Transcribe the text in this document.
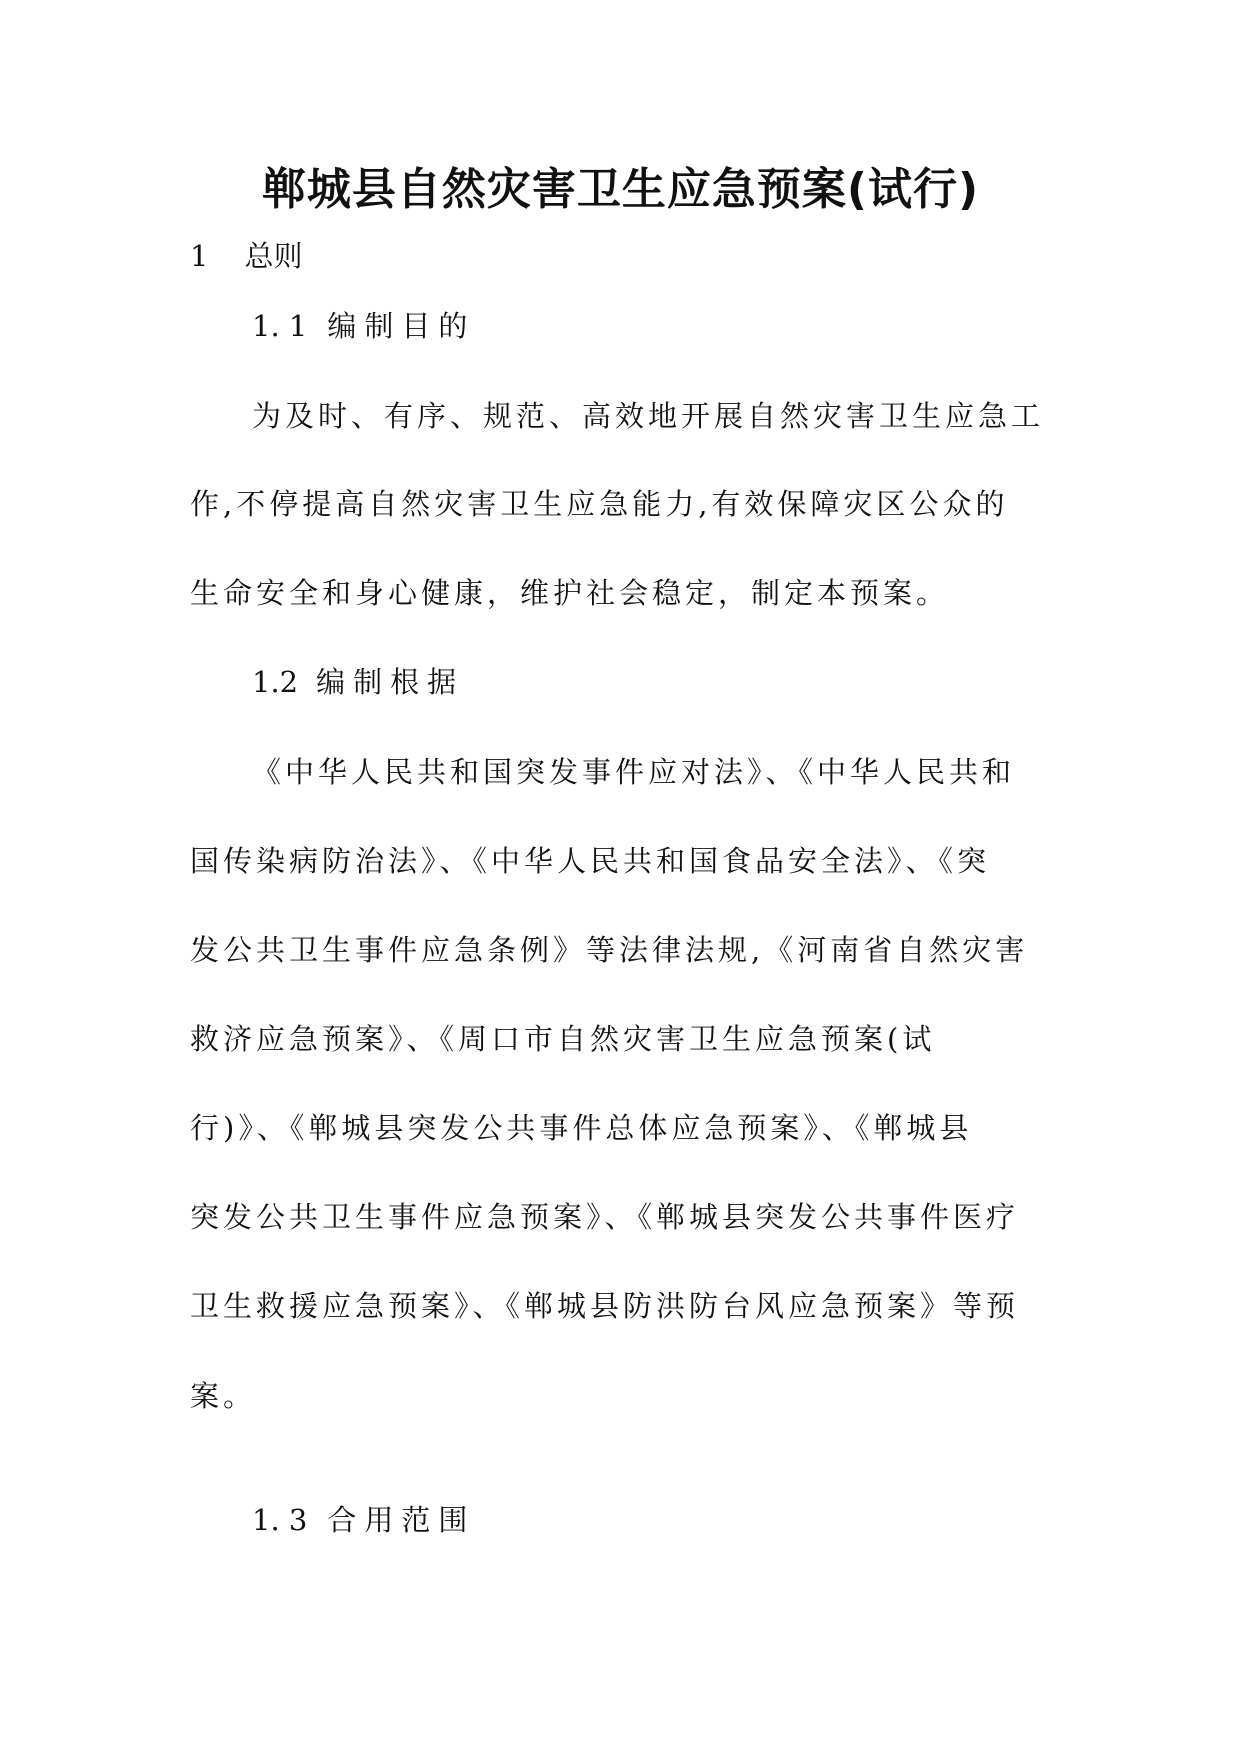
郸城县自然灾害卫生应急预案(试行)
1 总则
1. 1 编制目的
为及时、有序、规范、高效地开展自然灾害卫生应急工
作,不停提高自然灾害卫生应急能力,有效保障灾区公众的
生命安全和身心健康，维护社会稳定，制定本预案。
1.2 编制根据
《中华人民共和国突发事件应对法》、《中华人民共和
国传染病防治法》、《中华人民共和国食品安全法》、《突
发公共卫生事件应急条例》等法律法规,《河南省自然灾害
救济应急预案》、《周口市自然灾害卫生应急预案(试
行)》、《郸城县突发公共事件总体应急预案》、《郸城县
突发公共卫生事件应急预案》、《郸城县突发公共事件医疗
卫生救援应急预案》、《郸城县防洪防台风应急预案》等预
案。
1. 3 合用范围
